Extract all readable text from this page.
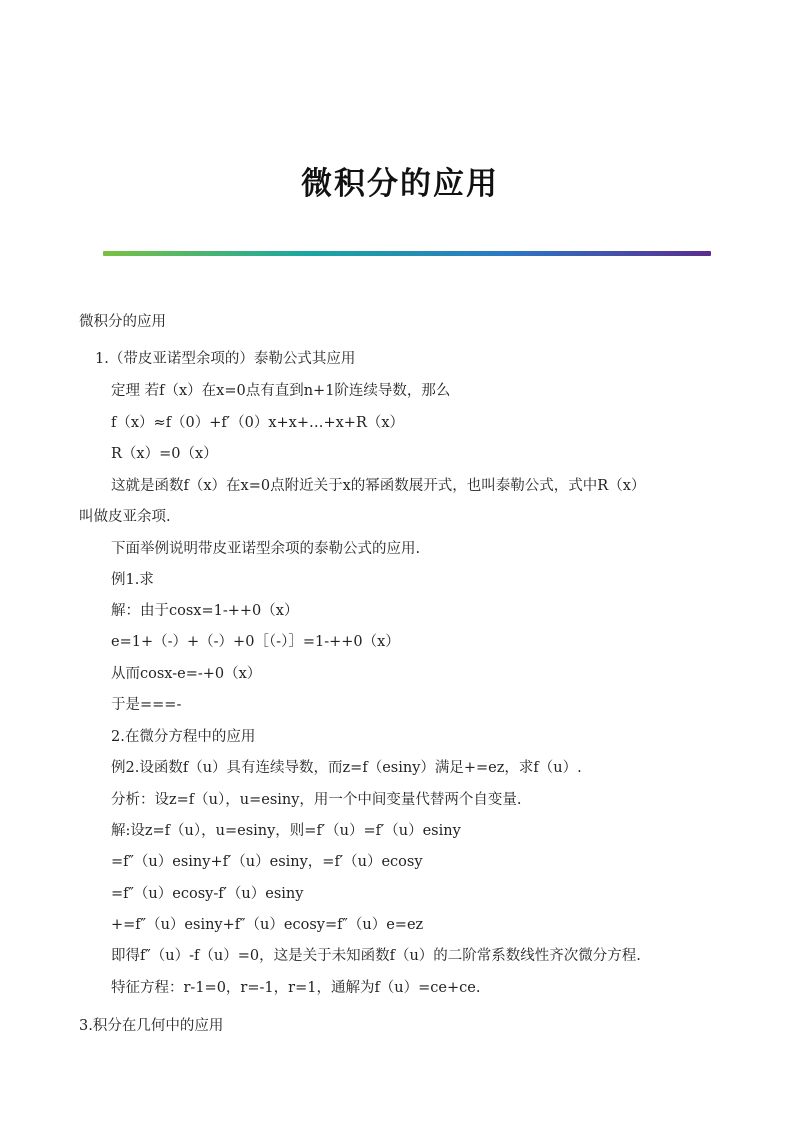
微积分的应用
微积分的应用
1.（带皮亚诺型余项的）泰勒公式其应用
定理 若f（x）在x=0点有直到n+1阶连续导数，那么
f（x）≈f（0）+f′（0）x+x+…+x+R（x）
R（x）=0（x）
这就是函数f（x）在x=0点附近关于x的幂函数展开式，也叫泰勒公式，式中R（x）
叫做皮亚余项.
下面举例说明带皮亚诺型余项的泰勒公式的应用.
例1.求
解：由于cosx=1-++0（x）
e=1+（-）+（-）+0［（-）］=1-++0（x）
从而cosx-e=-+0（x）
于是===-
2.在微分方程中的应用
例2.设函数f（u）具有连续导数，而z=f（esiny）满足+=ez，求f（u）.
分析：设z=f（u），u=esiny，用一个中间变量代替两个自变量.
解:设z=f（u），u=esiny，则=f′（u）=f′（u）esiny
=f″（u）esiny+f′（u）esiny，=f′（u）ecosy
=f″（u）ecosy-f′（u）esiny
+=f″（u）esiny+f″（u）ecosy=f″（u）e=ez
即得f″（u）-f（u）=0，这是关于未知函数f（u）的二阶常系数线性齐次微分方程.
特征方程：r-1=0，r=-1，r=1，通解为f（u）=ce+ce.
3.积分在几何中的应用
